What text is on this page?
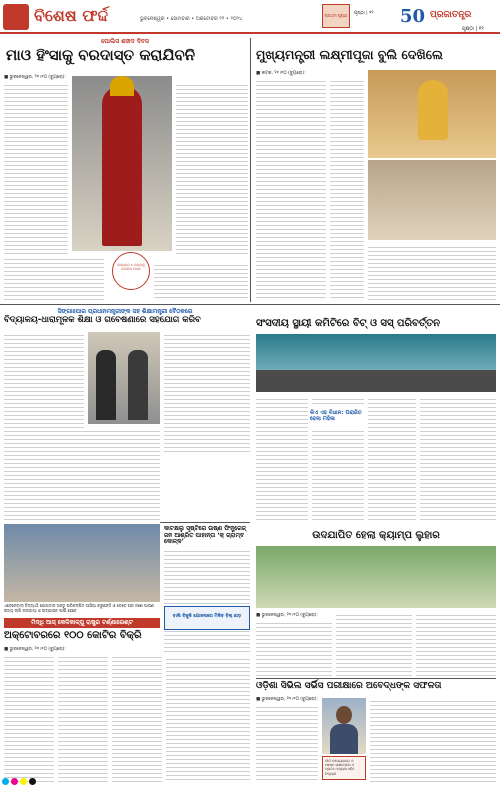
ବିଶେଷ ଫର୍ଦ୍ଦ	ଭୁବନେଶ୍ୱର • ସୋମବାର • ଅକ୍ଟୋବର ୨୨ • ୨୦୨୪
ପ୍ରଥମ ପୃଷ୍ଠା	ପୃଷ୍ଠା | ୧୨ 50 ପ୍ରଜାତନ୍ତ୍ର
ପୃଷ୍ଠା | ୧୨
ପୋଲିସ ଶହୀଦ ଦିବସ
ମାଓ ହିଂସାକୁ ବରଦାସ୍ତ କରାଯିବନି
■ ଭୁବନେଶ୍ୱର, ୨୧।୧୦ (ବ୍ୟୁରୋ):
ରାଜ୍ୟରେ ୫ ଜଣଙ୍କୁ ପୋଲିସ ପଦକ
ମୁଖ୍ୟମନ୍ତ୍ରୀ ଲକ୍ଷ୍ମୀପୂଜା ବୁଲି ଦେଖିଲେ
■ କଟକ, ୨୧।୧୦ (ବ୍ୟୁରୋ):
ସିଙ୍ଗାପୋର ପ୍ରଧାନମନ୍ତ୍ରୀଙ୍କ ସହ ଶିକ୍ଷାମନ୍ତ୍ରୀ ବୈଠକରେ
ବିଦ୍ୟାଳୟ-ଧାରାମୂଳକ ଶିକ୍ଷା ଓ ଗବେଷଣାରେ ସହଯୋଗ କରିବ	ସଂସଦୀୟ ସ୍ଥାୟୀ କମିଟିରେ ବିଟ୍ ଓ ସସ୍ ପରିବର୍ତ୍ତନ
କିଏ ଏହ ବିଧାନ: ପରାଜିତ ହେଲା ମହିଳା
କାଟକ୍ଷଲୁ ସୃଷ୍ଟିରେ ଉଷ୍ଣ ଫିନ୍ଟ୍ରେଜ୍ ଜନ ଆଶ୍ରିତ ପାହାନ୍ତା ‘କ୍ ଗ୍ରାମ୍ବ କୋଳ୍କ’
ବାଲି ବିଜୁଳି ଯୋଜନାରେ ମିଳିବ ବିଲ୍ ଛାଡ଼
ଉଦଯାପିତ ହେଲା କ୍ୟାମ୍ପ ଲୁହାର
■ ଭୁବନେଶ୍ୱର, ୨୧।୧୦ (ବ୍ୟୁରୋ):
ଏବେଳେବାଲା ବିଦ୍ୟାର୍ଥୀ ଯୋଗଦାନ ଅନ୍ତୁ ପରିକଳ୍ପିତ ଆସିଆ କରୁଛନ୍ତି ଓ ତେବେ ଘର ଜଣେ ଆପଣ ରାଜ୍ୟ ଲାଗି ଲଜ୍ଜାୟା ଓ ଉଦ୍ଯାପନ ପାଇଁ ହେବେ
ମିଦ୍ଧି ଆସ୍ କେଳିକାଳ୍ପୁ ରାଷ୍ଟ୍ର ଟର୍ଣ୍ଣାରେଣ୍ଟ
ଅକ୍ଟୋବରରେ ୧୦୦ କୋଟିର ବିକ୍ରି
■ ଭୁବନେଶ୍ୱର, ୨୧।୧୦ (ବ୍ୟୁରୋ):
ଓଡ଼ିଶା ସିଭିଲ ସର୍ଭିସ ପରୀକ୍ଷାରେ ଅବେଦ୍ଧଙ୍କ ସଫଳତା
■ ଭୁବନେଶ୍ୱର, ୨୧।୧୦ (ବ୍ୟୁରୋ):
ଦୀର୍ଘ ଉଦ୍ୟୋଗରେ ଓ ଶେଷ୍ଠ ସାକ୍ଷାତ୍କାର ଓ ପ୍ରାତଃ ଅଭ୍ୟାସ ସହିତ ଟିପ୍ପଣୀ
